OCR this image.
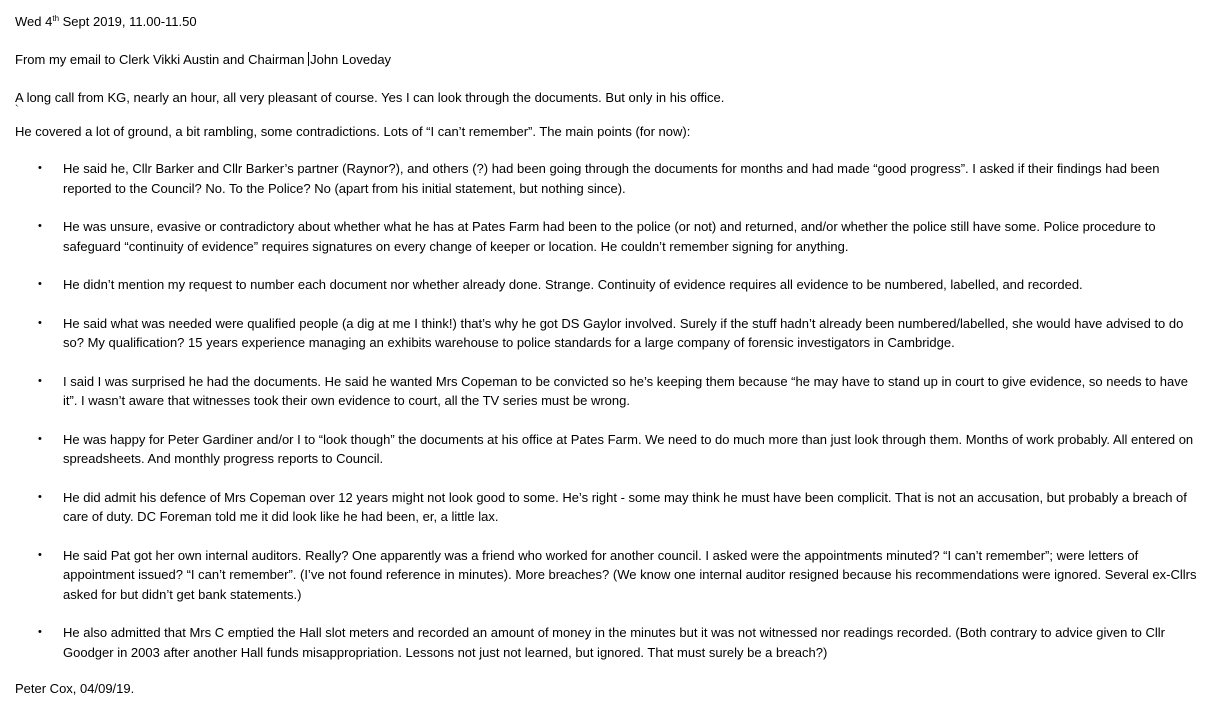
Wed 4th Sept 2019, 11.00-11.50
From my email to Clerk Vikki Austin and Chairman John Loveday
A long call from KG, nearly an hour, all very pleasant of course. Yes I can look through the documents. But only in his office.
`
He covered a lot of ground, a bit rambling, some contradictions. Lots of “I can’t remember”. The main points (for now):
• He said he, Cllr Barker and Cllr Barker’s partner (Raynor?), and others (?) had been going through the documents for months and had made “good progress”. I asked if their findings had been reported to the Council? No. To the Police? No (apart from his initial statement, but nothing since).
• He was unsure, evasive or contradictory about whether what he has at Pates Farm had been to the police (or not) and returned, and/or whether the police still have some. Police procedure to safeguard “continuity of evidence” requires signatures on every change of keeper or location. He couldn’t remember signing for anything.
• He didn’t mention my request to number each document nor whether already done. Strange. Continuity of evidence requires all evidence to be numbered, labelled, and recorded.
• He said what was needed were qualified people (a dig at me I think!) that’s why he got DS Gaylor involved. Surely if the stuff hadn’t already been numbered/labelled, she would have advised to do so? My qualification? 15 years experience managing an exhibits warehouse to police standards for a large company of forensic investigators in Cambridge.
• I said I was surprised he had the documents. He said he wanted Mrs Copeman to be convicted so he’s keeping them because “he may have to stand up in court to give evidence, so needs to have it”. I wasn’t aware that witnesses took their own evidence to court, all the TV series must be wrong.
• He was happy for Peter Gardiner and/or I to “look though” the documents at his office at Pates Farm. We need to do much more than just look through them. Months of work probably. All entered on spreadsheets. And monthly progress reports to Council.
• He did admit his defence of Mrs Copeman over 12 years might not look good to some. He’s right - some may think he must have been complicit. That is not an accusation, but probably a breach of care of duty. DC Foreman told me it did look like he had been, er, a little lax.
• He said Pat got her own internal auditors. Really? One apparently was a friend who worked for another council. I asked were the appointments minuted? “I can’t remember”; were letters of appointment issued? “I can’t remember”. (I’ve not found reference in minutes). More breaches? (We know one internal auditor resigned because his recommendations were ignored. Several ex-Cllrs asked for but didn’t get bank statements.)
• He also admitted that Mrs C emptied the Hall slot meters and recorded an amount of money in the minutes but it was not witnessed nor readings recorded. (Both contrary to advice given to Cllr Goodger in 2003 after another Hall funds misappropriation. Lessons not just not learned, but ignored. That must surely be a breach?)
Peter Cox, 04/09/19.
